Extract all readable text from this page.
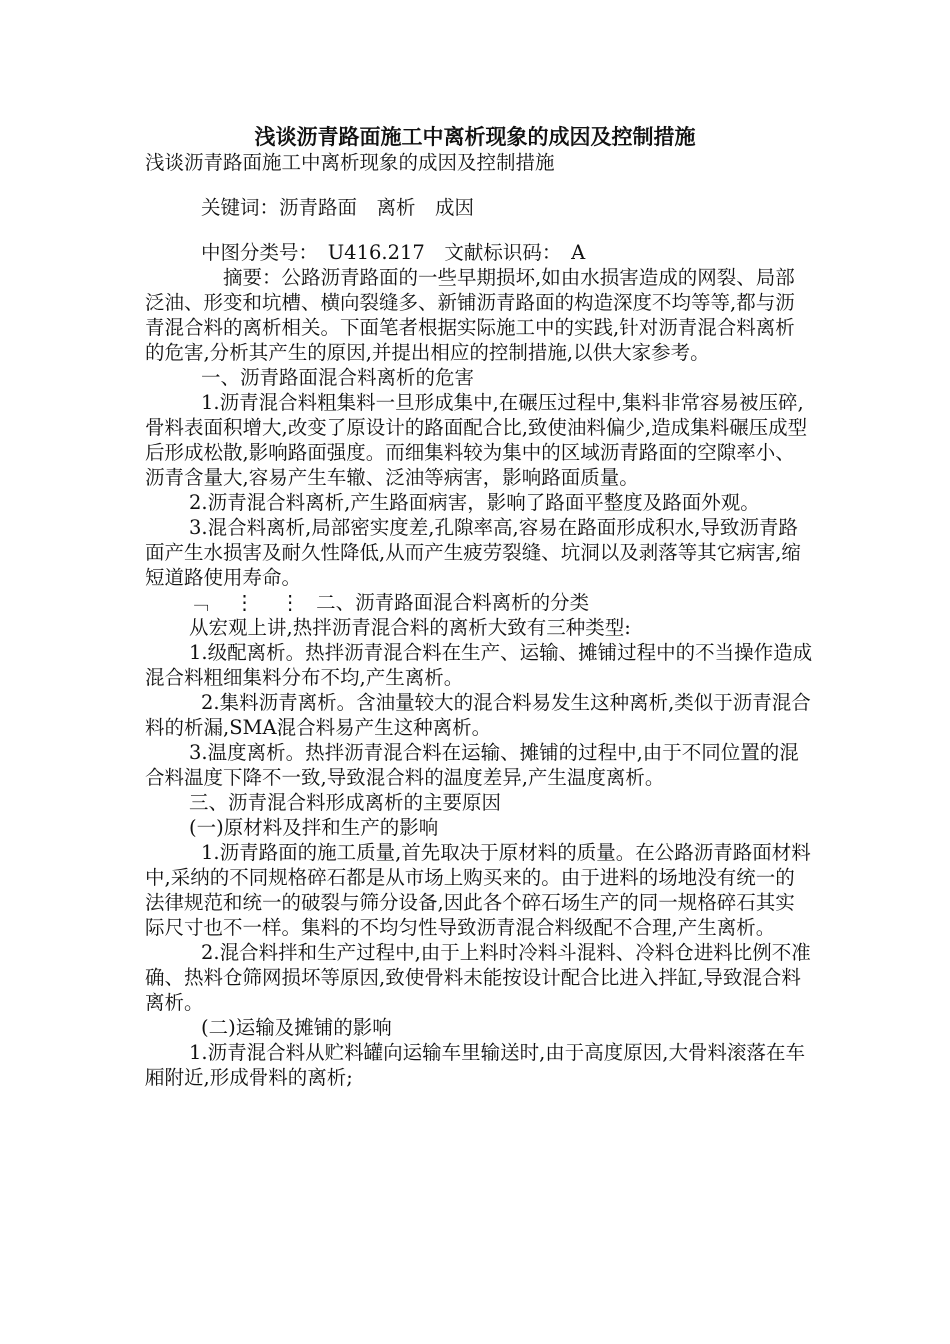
浅谈沥青路面施工中离析现象的成因及控制措施

浅谈沥青路面施工中离析现象的成因及控制措施

关键词：沥青路面　离析　成因

中图分类号：　U416.217　文献标识码：　A

摘要：公路沥青路面的一些早期损坏,如由水损害造成的网裂、局部泛油、形变和坑槽、横向裂缝多、新铺沥青路面的构造深度不均等等,都与沥青混合料的离析相关。下面笔者根据实际施工中的实践,针对沥青混合料离析的危害,分析其产生的原因,并提出相应的控制措施,以供大家参考。

一、沥青路面混合料离析的危害

1.沥青混合料粗集料一旦形成集中,在碾压过程中,集料非常容易被压碎,骨料表面积增大,改变了原设计的路面配合比,致使油料偏少,造成集料碾压成型后形成松散,影响路面强度。而细集料较为集中的区域沥青路面的空隙率小、沥青含量大,容易产生车辙、泛油等病害，影响路面质量。

2.沥青混合料离析,产生路面病害，影响了路面平整度及路面外观。

3.混合料离析,局部密实度差,孔隙率高,容易在路面形成积水,导致沥青路面产生水损害及耐久性降低,从而产生疲劳裂缝、坑洞以及剥落等其它病害,缩短道路使用寿命。

﹁ ⋮ ⋮ 二、沥青路面混合料离析的分类

从宏观上讲,热拌沥青混合料的离析大致有三种类型:

1.级配离析。热拌沥青混合料在生产、运输、摊铺过程中的不当操作造成混合料粗细集料分布不均,产生离析。

2.集料沥青离析。含油量较大的混合料易发生这种离析,类似于沥青混合料的析漏,SMA混合料易产生这种离析。

3.温度离析。热拌沥青混合料在运输、摊铺的过程中,由于不同位置的混合料温度下降不一致,导致混合料的温度差异,产生温度离析。

三、沥青混合料形成离析的主要原因

(一)原材料及拌和生产的影响

1.沥青路面的施工质量,首先取决于原材料的质量。在公路沥青路面材料中,采纳的不同规格碎石都是从市场上购买来的。由于进料的场地没有统一的法律规范和统一的破裂与筛分设备,因此各个碎石场生产的同一规格碎石其实际尺寸也不一样。集料的不均匀性导致沥青混合料级配不合理,产生离析。

2.混合料拌和生产过程中,由于上料时冷料斗混料、冷料仓进料比例不准确、热料仓筛网损坏等原因,致使骨料未能按设计配合比进入拌缸,导致混合料离析。

(二)运输及摊铺的影响

1.沥青混合料从贮料罐向运输车里输送时,由于高度原因,大骨料滚落在车厢附近,形成骨料的离析;
